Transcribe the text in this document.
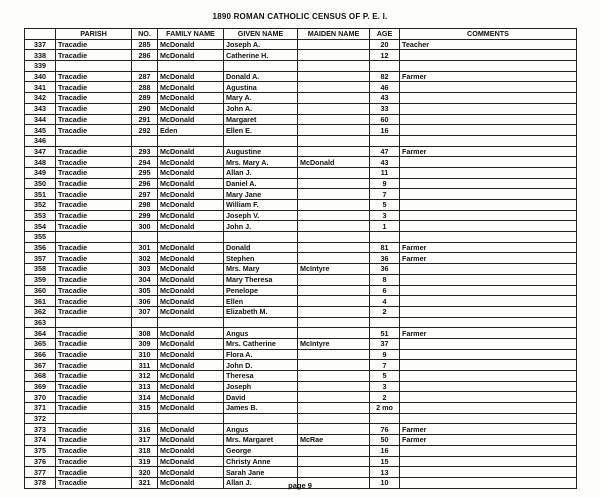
1890 ROMAN CATHOLIC CENSUS OF P. E. I.
	PARISH	NO.	FAMILY NAME	GIVEN NAME	MAIDEN NAME	AGE	COMMENTS
337	Tracadie	285	McDonald	Joseph A.		20	Teacher
338	Tracadie	286	McDonald	Catherine H.		12	
339							
340	Tracadie	287	McDonald	Donald A.		82	Farmer
341	Tracadie	288	McDonald	Agustina		46	
342	Tracadie	289	McDonald	Mary A.		43	
343	Tracadie	290	McDonald	John A.		33	
344	Tracadie	291	McDonald	Margaret		60	
345	Tracadie	292	Eden	Ellen E.		16	
346							
347	Tracadie	293	McDonald	Augustine		47	Farmer
348	Tracadie	294	McDonald	Mrs. Mary A.	McDonald	43	
349	Tracadie	295	McDonald	Allan J.		11	
350	Tracadie	296	McDonald	Daniel A.		9	
351	Tracadie	297	McDonald	Mary Jane		7	
352	Tracadie	298	McDonald	William F.		5	
353	Tracadie	299	McDonald	Joseph V.		3	
354	Tracadie	300	McDonald	John J.		1	
355							
356	Tracadie	301	McDonald	Donald		81	Farmer
357	Tracadie	302	McDonald	Stephen		36	Farmer
358	Tracadie	303	McDonald	Mrs. Mary	McIntyre	36	
359	Tracadie	304	McDonald	Mary Theresa		8	
360	Tracadie	305	McDonald	Penelope		6	
361	Tracadie	306	McDonald	Ellen		4	
362	Tracadie	307	McDonald	Elizabeth M.		2	
363							
364	Tracadie	308	McDonald	Angus		51	Farmer
365	Tracadie	309	McDonald	Mrs. Catherine	McIntyre	37	
366	Tracadie	310	McDonald	Flora A.		9	
367	Tracadie	311	McDonald	John D.		7	
368	Tracadie	312	McDonald	Theresa		5	
369	Tracadie	313	McDonald	Joseph		3	
370	Tracadie	314	McDonald	David		2	
371	Tracadie	315	McDonald	James B.		2 mo	
372							
373	Tracadie	316	McDonald	Angus		76	Farmer
374	Tracadie	317	McDonald	Mrs. Margaret	McRae	50	Farmer
375	Tracadie	318	McDonald	George		16	
376	Tracadie	319	McDonald	Christy Anne		15	
377	Tracadie	320	McDonald	Sarah Jane		13	
378	Tracadie	321	McDonald	Allan J.		10	
page 9
